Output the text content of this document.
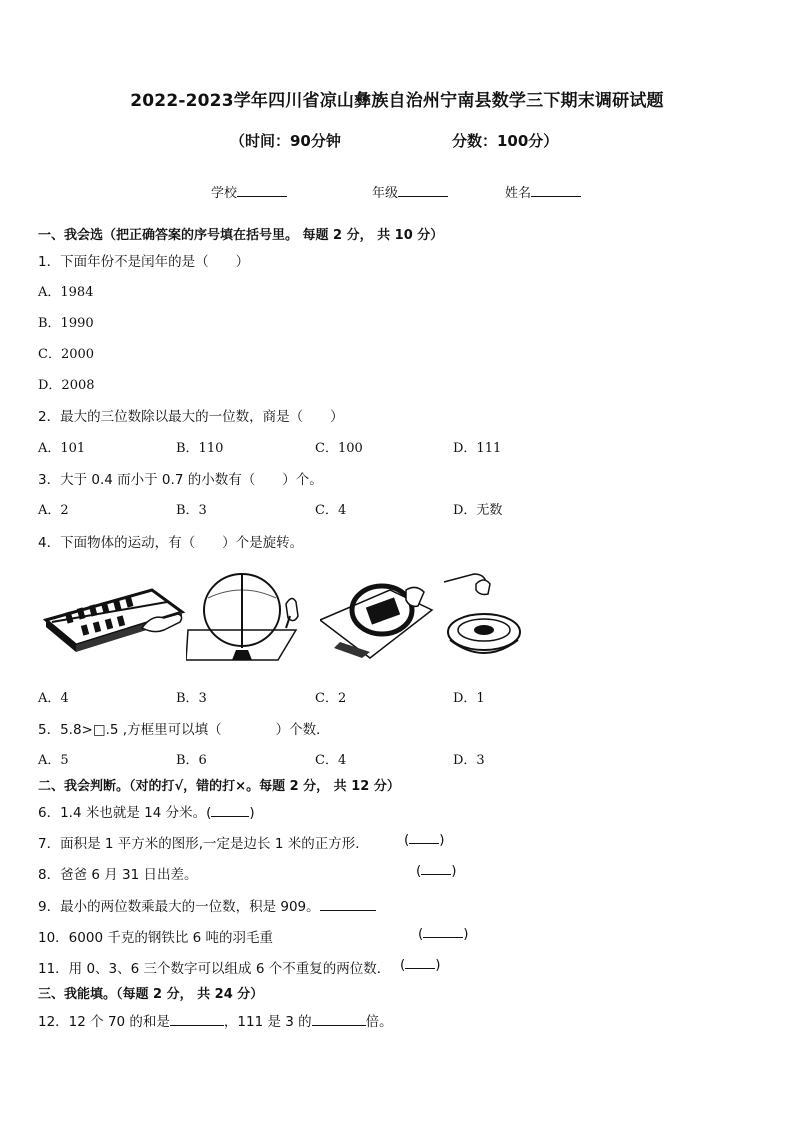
2022-2023学年四川省凉山彝族自治州宁南县数学三下期末调研试题
（时间：90分钟	分数：100分）
学校	年级	姓名
一、我会选（把正确答案的序号填在括号里。 每题 2 分， 共 10 分）
1．下面年份不是闰年的是（　　）
A．1984
B．1990
C．2000
D．2008
2．最大的三位数除以最大的一位数，商是（　　）
A．101	B．110	C．100	D．111
3．大于 0.4 而小于 0.7 的小数有（　　）个。
A．2	B．3	C．4	D．无数
4．下面物体的运动，有（　　）个是旋转。
A．4	B．3	C．2	D．1
5．5.8>□.5 ,方框里可以填（　　　　）个数．
A．5	B．6	C．4	D．3
二、我会判断。（对的打√，错的打×。每题 2 分， 共 12 分）
6．1.4 米也就是 14 分米。(	)
7．面积是 1 平方米的图形,一定是边长 1 米的正方形．	( )
8．爸爸 6 月 31 日出差。	( )
9．最小的两位数乘最大的一位数，积是 909。
10．6000 千克的钢铁比 6 吨的羽毛重	(	)
11．用 0、3、6 三个数字可以组成 6 个不重复的两位数． ( )
三、我能填。（每题 2 分， 共 24 分）
12．12 个 70 的和是	，111 是 3 的	倍。
